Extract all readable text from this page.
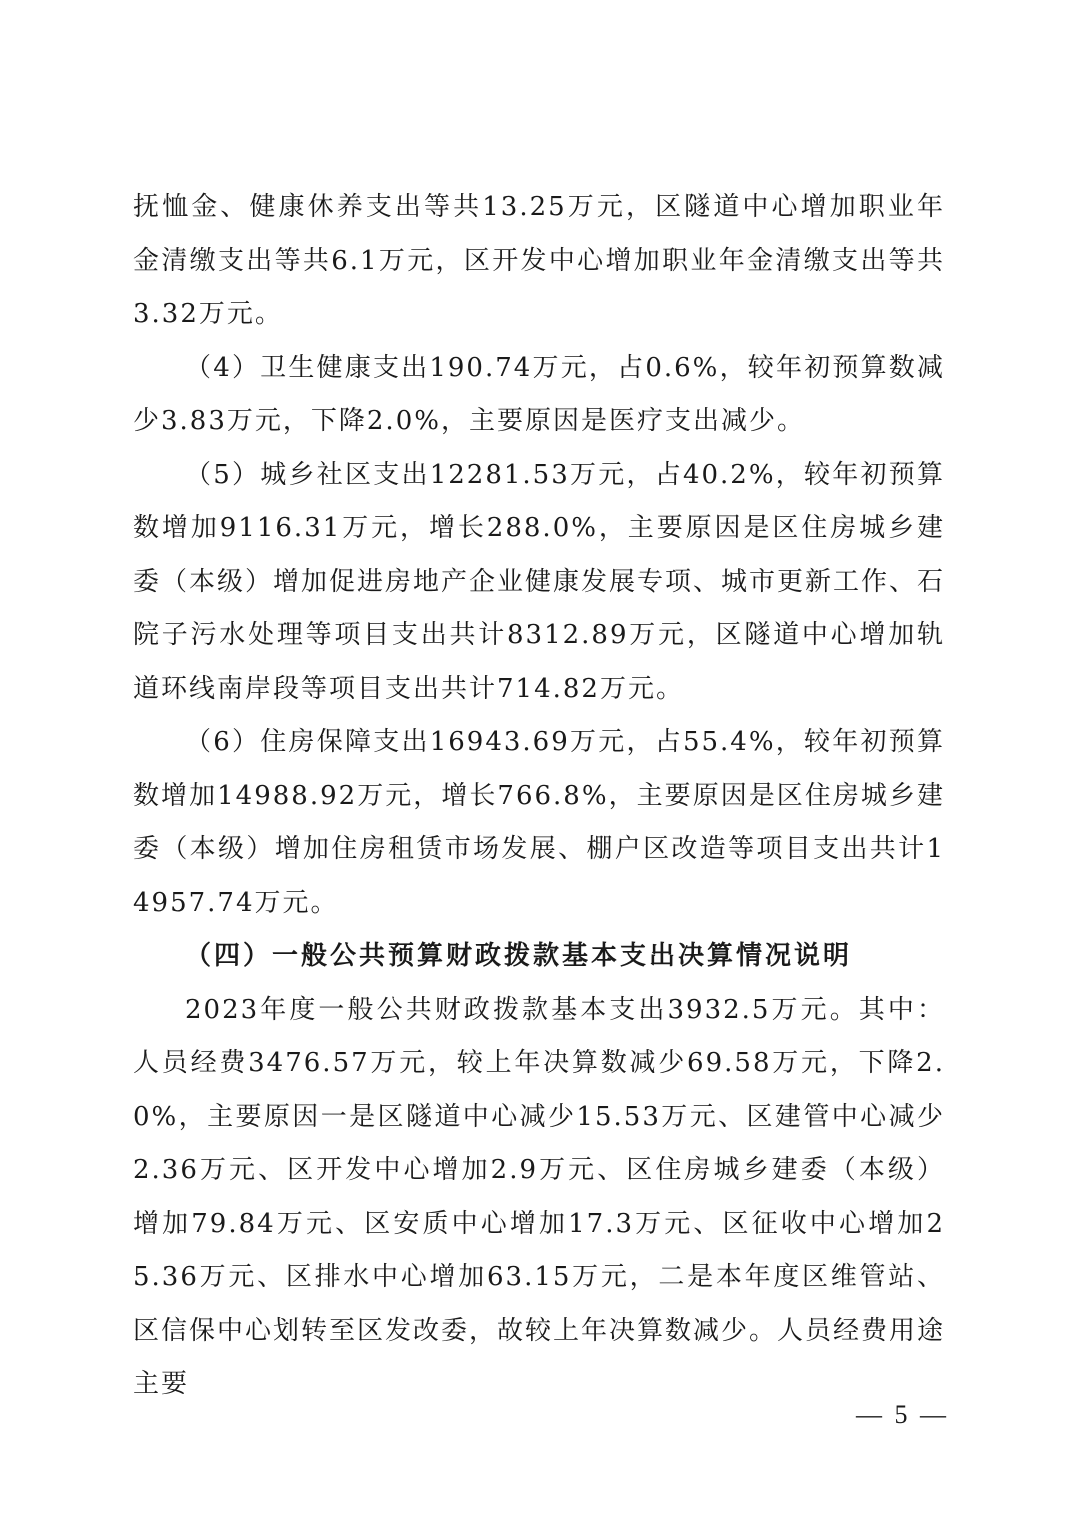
抚恤金、健康休养支出等共13.25万元，区隧道中心增加职业年金清缴支出等共6.1万元，区开发中心增加职业年金清缴支出等共3.32万元。

（4）卫生健康支出190.74万元，占0.6%，较年初预算数减少3.83万元，下降2.0%，主要原因是医疗支出减少。

（5）城乡社区支出12281.53万元，占40.2%，较年初预算数增加9116.31万元，增长288.0%，主要原因是区住房城乡建委（本级）增加促进房地产企业健康发展专项、城市更新工作、石院子污水处理等项目支出共计8312.89万元，区隧道中心增加轨道环线南岸段等项目支出共计714.82万元。

（6）住房保障支出16943.69万元，占55.4%，较年初预算数增加14988.92万元，增长766.8%，主要原因是区住房城乡建委（本级）增加住房租赁市场发展、棚户区改造等项目支出共计14957.74万元。

（四）一般公共预算财政拨款基本支出决算情况说明

2023年度一般公共财政拨款基本支出3932.5万元。其中：人员经费3476.57万元，较上年决算数减少69.58万元，下降2.0%，主要原因一是区隧道中心减少15.53万元、区建管中心减少2.36万元、区开发中心增加2.9万元、区住房城乡建委（本级）增加79.84万元、区安质中心增加17.3万元、区征收中心增加25.36万元、区排水中心增加63.15万元，二是本年度区维管站、区信保中心划转至区发改委，故较上年决算数减少。人员经费用途主要

— 5 —
